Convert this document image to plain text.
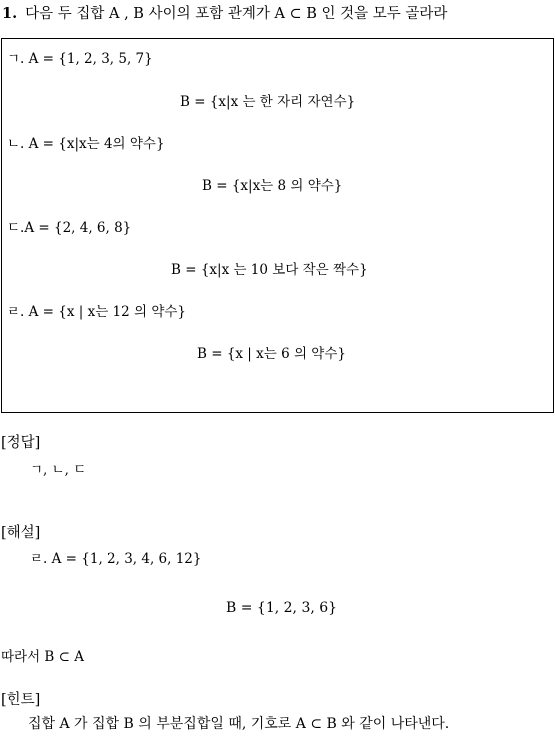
1. 다음 두 집합 A , B 사이의 포함 관계가 A ⊂ B 인 것을 모두 골라라
ㄱ. A = {1, 2, 3, 5, 7}
B = {x|x 는 한 자리 자연수}
ㄴ. A = {x|x는 4의 약수}
B = {x|x는 8 의 약수}
ㄷ.A = {2, 4, 6, 8}
B = {x|x 는 10 보다 작은 짝수}
ㄹ. A = {x | x는 12 의 약수}
B = {x | x는 6 의 약수}
[정답]
ㄱ, ㄴ, ㄷ
[해설]
ㄹ. A = {1, 2, 3, 4, 6, 12}
B = {1, 2, 3, 6}
따라서 B ⊂ A
[힌트]
집합 A 가 집합 B 의 부분집합일 때, 기호로 A ⊂ B 와 같이 나타낸다.
